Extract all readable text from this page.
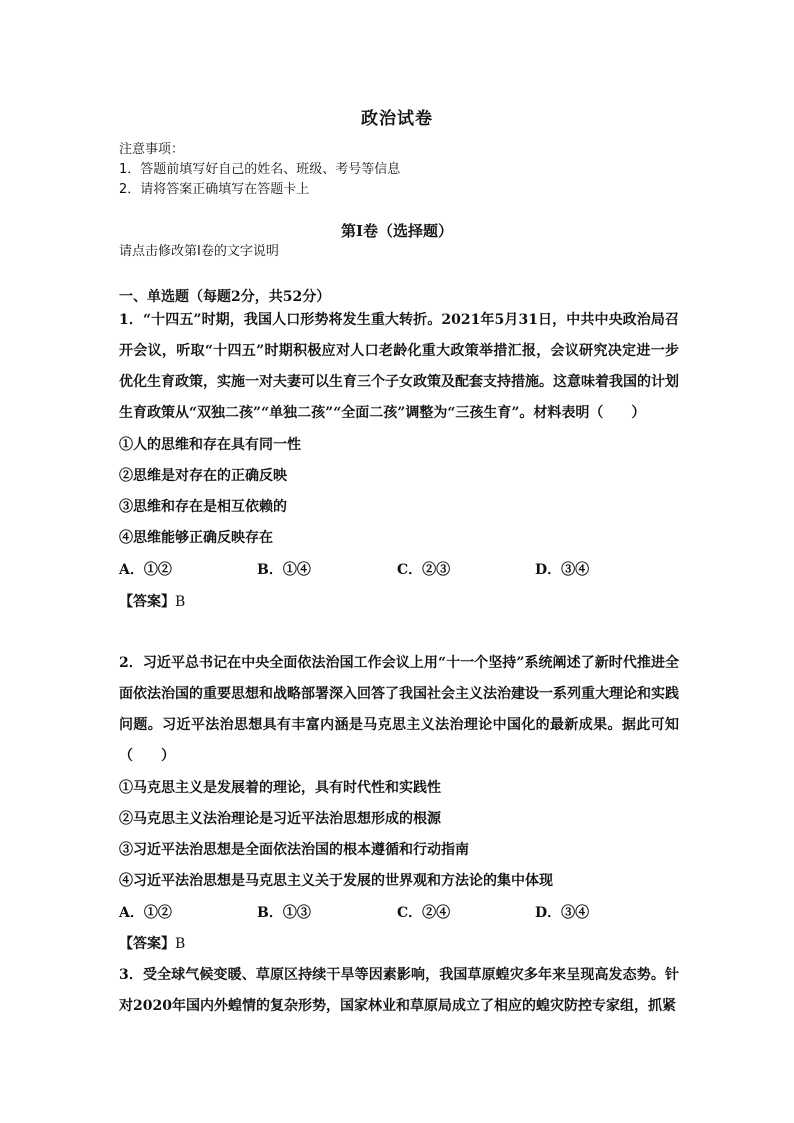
政治试卷
注意事项：
1．答题前填写好自己的姓名、班级、考号等信息
2．请将答案正确填写在答题卡上
第I卷（选择题）
请点击修改第I卷的文字说明
一、单选题（每题2分，共52分）
1．“十四五”时期，我国人口形势将发生重大转折。2021年5月31日，中共中央政治局召开会议，听取“十四五”时期积极应对人口老龄化重大政策举措汇报，会议研究决定进一步优化生育政策，实施一对夫妻可以生育三个子女政策及配套支持措施。这意味着我国的计划生育政策从“双独二孩”“单独二孩”“全面二孩”调整为“三孩生育”。材料表明（　　）
①人的思维和存在具有同一性
②思维是对存在的正确反映
③思维和存在是相互依赖的
④思维能够正确反映存在
A．①②	B．①④	C．②③	D．③④
【答案】B
2．习近平总书记在中央全面依法治国工作会议上用“十一个坚持”系统阐述了新时代推进全面依法治国的重要思想和战略部署深入回答了我国社会主义法治建设一系列重大理论和实践问题。习近平法治思想具有丰富内涵是马克思主义法治理论中国化的最新成果。据此可知（　　）
①马克思主义是发展着的理论，具有时代性和实践性
②马克思主义法治理论是习近平法治思想形成的根源
③习近平法治思想是全面依法治国的根本遵循和行动指南
④习近平法治思想是马克思主义关于发展的世界观和方法论的集中体现
A．①②	B．①③	C．②④	D．③④
【答案】B
3．受全球气候变暖、草原区持续干旱等因素影响，我国草原蝗灾多年来呈现高发态势。针对2020年国内外蝗情的复杂形势，国家林业和草原局成立了相应的蝗灾防控专家组，抓紧
